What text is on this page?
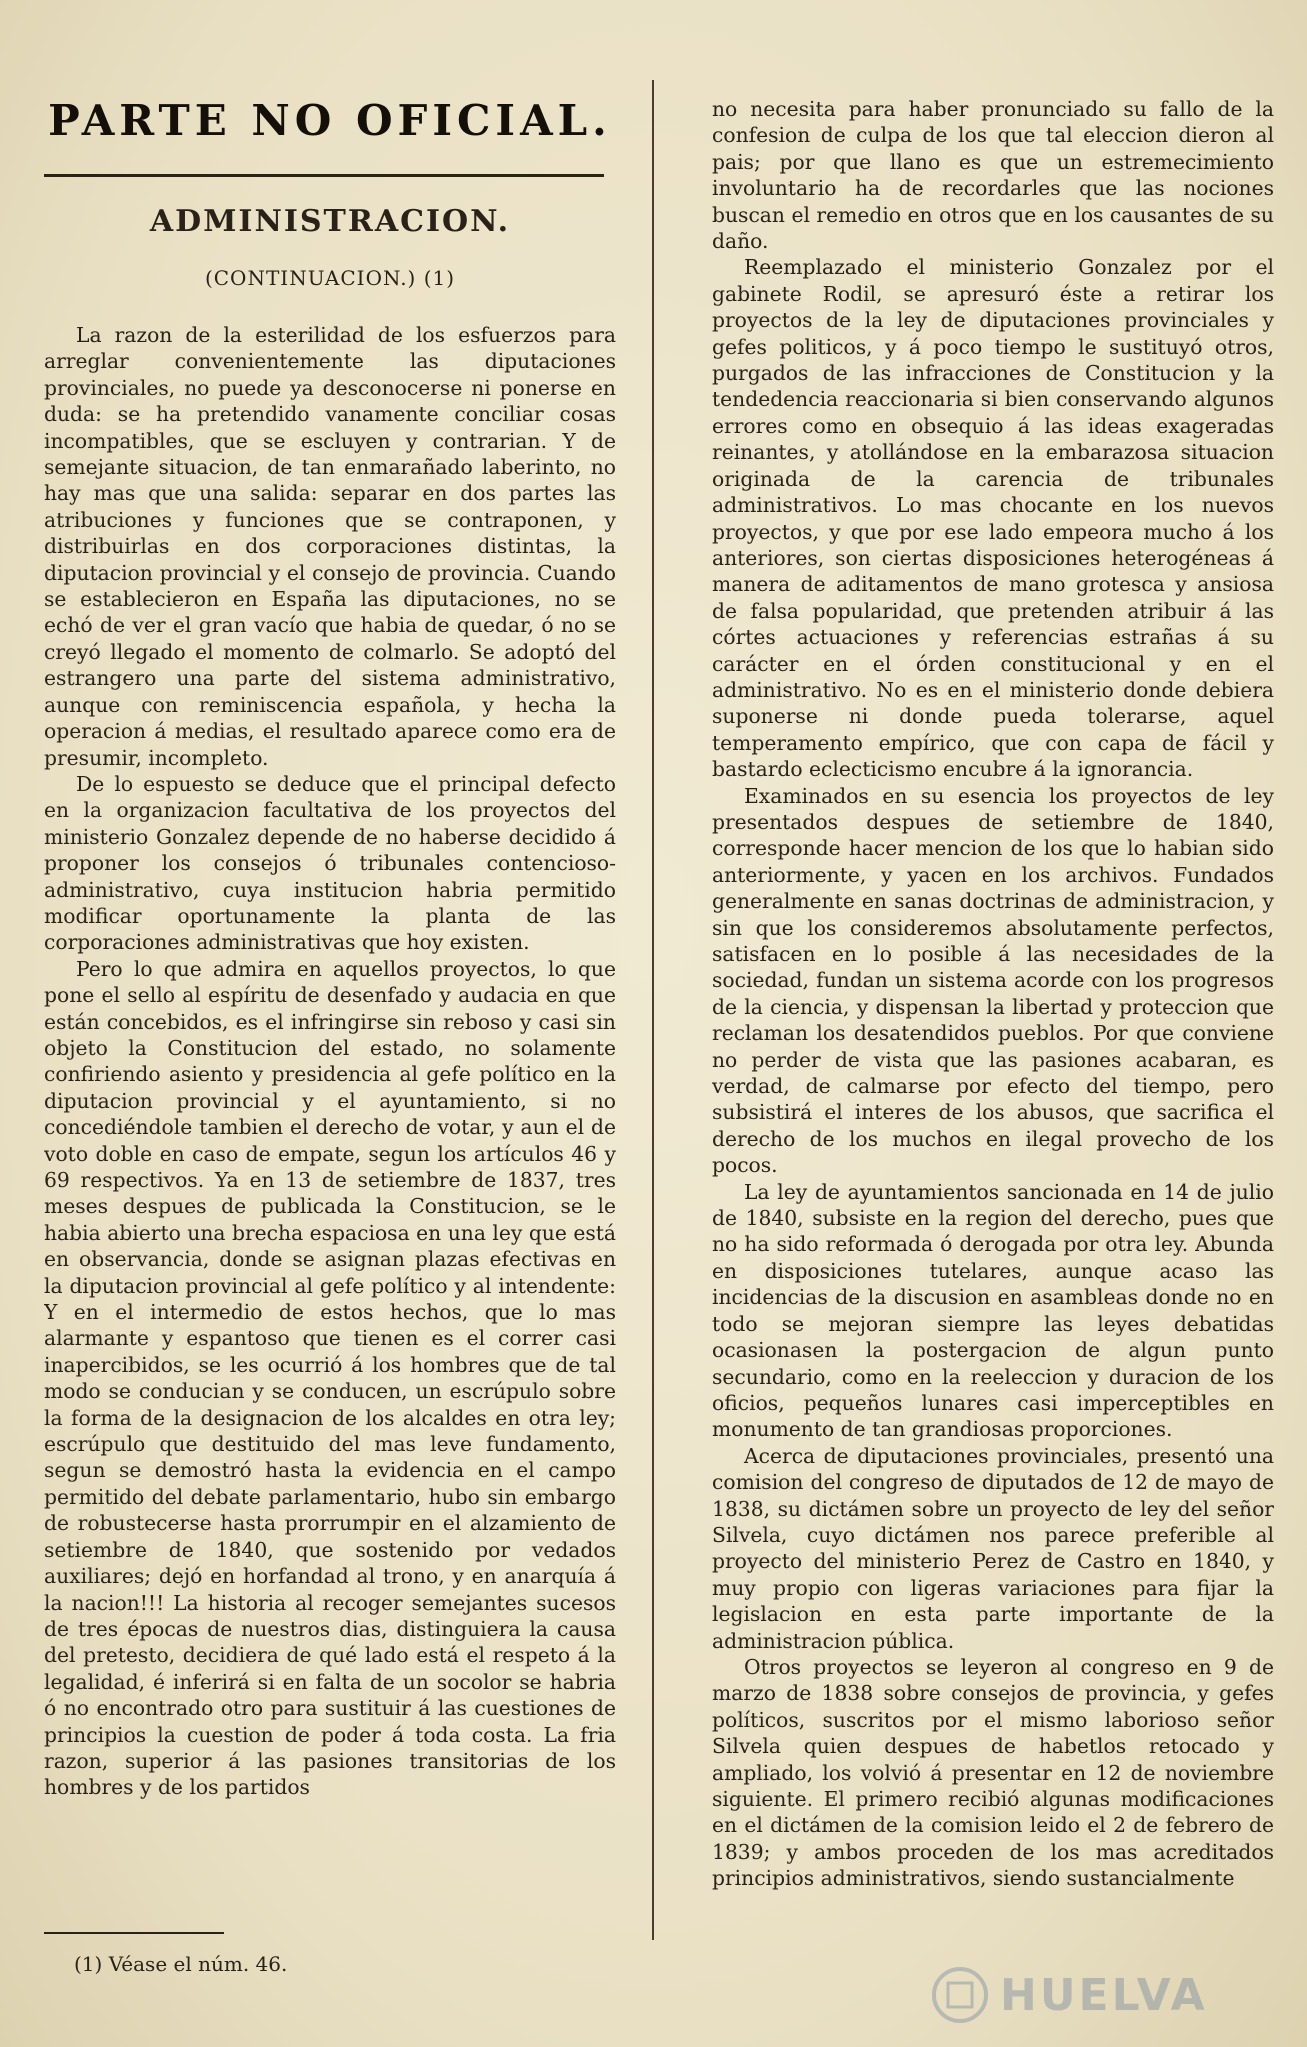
PARTE NO OFICIAL.
ADMINISTRACION.
(CONTINUACION.) (1)

La razon de la esterilidad de los esfuerzos para arreglar convenientemente las diputaciones provinciales, no puede ya desconocerse ni ponerse en duda: se ha pretendido vanamente conciliar cosas incompatibles, que se escluyen y contrarian. Y de semejante situacion, de tan enmarañado laberinto, no hay mas que una salida: separar en dos partes las atribuciones y funciones que se contraponen, y distribuirlas en dos corporaciones distintas, la diputacion provincial y el consejo de provincia. Cuando se establecieron en España las diputaciones, no se echó de ver el gran vacío que habia de quedar, ó no se creyó llegado el momento de colmarlo. Se adoptó del estrangero una parte del sistema administrativo, aunque con reminiscencia española, y hecha la operacion á medias, el resultado aparece como era de presumir, incompleto.

De lo espuesto se deduce que el principal defecto en la organizacion facultativa de los proyectos del ministerio Gonzalez depende de no haberse decidido á proponer los consejos ó tribunales contencioso-administrativo, cuya institucion habria permitido modificar oportunamente la planta de las corporaciones administrativas que hoy existen.

Pero lo que admira en aquellos proyectos, lo que pone el sello al espíritu de desenfado y audacia en que están concebidos, es el infringirse sin reboso y casi sin objeto la Constitucion del estado, no solamente confiriendo asiento y presidencia al gefe político en la diputacion provincial y el ayuntamiento, si no concediéndole tambien el derecho de votar, y aun el de voto doble en caso de empate, segun los artículos 46 y 69 respectivos. Ya en 13 de setiembre de 1837, tres meses despues de publicada la Constitucion, se le habia abierto una brecha espaciosa en una ley que está en observancia, donde se asignan plazas efectivas en la diputacion provincial al gefe político y al intendente: Y en el intermedio de estos hechos, que lo mas alarmante y espantoso que tienen es el correr casi inapercibidos, se les ocurrió á los hombres que de tal modo se conducian y se conducen, un escrúpulo sobre la forma de la designacion de los alcaldes en otra ley; escrúpulo que destituido del mas leve fundamento, segun se demostró hasta la evidencia en el campo permitido del debate parlamentario, hubo sin embargo de robustecerse hasta prorrumpir en el alzamiento de setiembre de 1840, que sostenido por vedados auxiliares; dejó en horfandad al trono, y en anarquía á la nacion!!! La historia al recoger semejantes sucesos de tres épocas de nuestros dias, distinguiera la causa del pretesto, decidiera de qué lado está el respeto á la legalidad, é inferirá si en falta de un socolor se habria ó no encontrado otro para sustituir á las cuestiones de principios la cuestion de poder á toda costa. La fria razon, superior á las pasiones transitorias de los hombres y de los partidos

no necesita para haber pronunciado su fallo de la confesion de culpa de los que tal eleccion dieron al pais; por que llano es que un estremecimiento involuntario ha de recordarles que las nociones buscan el remedio en otros que en los causantes de su daño.

Reemplazado el ministerio Gonzalez por el gabinete Rodil, se apresuró éste a retirar los proyectos de la ley de diputaciones provinciales y gefes politicos, y á poco tiempo le sustituyó otros, purgados de las infracciones de Constitucion y la tendedencia reaccionaria si bien conservando algunos errores como en obsequio á las ideas exageradas reinantes, y atollándose en la embarazosa situacion originada de la carencia de tribunales administrativos. Lo mas chocante en los nuevos proyectos, y que por ese lado empeora mucho á los anteriores, son ciertas disposiciones heterogéneas á manera de aditamentos de mano grotesca y ansiosa de falsa popularidad, que pretenden atribuir á las córtes actuaciones y referencias estrañas á su carácter en el órden constitucional y en el administrativo. No es en el ministerio donde debiera suponerse ni donde pueda tolerarse, aquel temperamento empírico, que con capa de fácil y bastardo eclecticismo encubre á la ignorancia.

Examinados en su esencia los proyectos de ley presentados despues de setiembre de 1840, corresponde hacer mencion de los que lo habian sido anteriormente, y yacen en los archivos. Fundados generalmente en sanas doctrinas de administracion, y sin que los consideremos absolutamente perfectos, satisfacen en lo posible á las necesidades de la sociedad, fundan un sistema acorde con los progresos de la ciencia, y dispensan la libertad y proteccion que reclaman los desatendidos pueblos. Por que conviene no perder de vista que las pasiones acabaran, es verdad, de calmarse por efecto del tiempo, pero subsistirá el interes de los abusos, que sacrifica el derecho de los muchos en ilegal provecho de los pocos.

La ley de ayuntamientos sancionada en 14 de julio de 1840, subsiste en la region del derecho, pues que no ha sido reformada ó derogada por otra ley. Abunda en disposiciones tutelares, aunque acaso las incidencias de la discusion en asambleas donde no en todo se mejoran siempre las leyes debatidas ocasionasen la postergacion de algun punto secundario, como en la reeleccion y duracion de los oficios, pequeños lunares casi imperceptibles en monumento de tan grandiosas proporciones.

Acerca de diputaciones provinciales, presentó una comision del congreso de diputados de 12 de mayo de 1838, su dictámen sobre un proyecto de ley del señor Silvela, cuyo dictámen nos parece preferible al proyecto del ministerio Perez de Castro en 1840, y muy propio con ligeras variaciones para fijar la legislacion en esta parte importante de la administracion pública.

Otros proyectos se leyeron al congreso en 9 de marzo de 1838 sobre consejos de provincia, y gefes políticos, suscritos por el mismo laborioso señor Silvela quien despues de habetlos retocado y ampliado, los volvió á presentar en 12 de noviembre siguiente. El primero recibió algunas modificaciones en el dictámen de la comision leido el 2 de febrero de 1839; y ambos proceden de los mas acreditados principios administrativos, siendo sustancialmente

(1) Véase el núm. 46.
HUELVA
